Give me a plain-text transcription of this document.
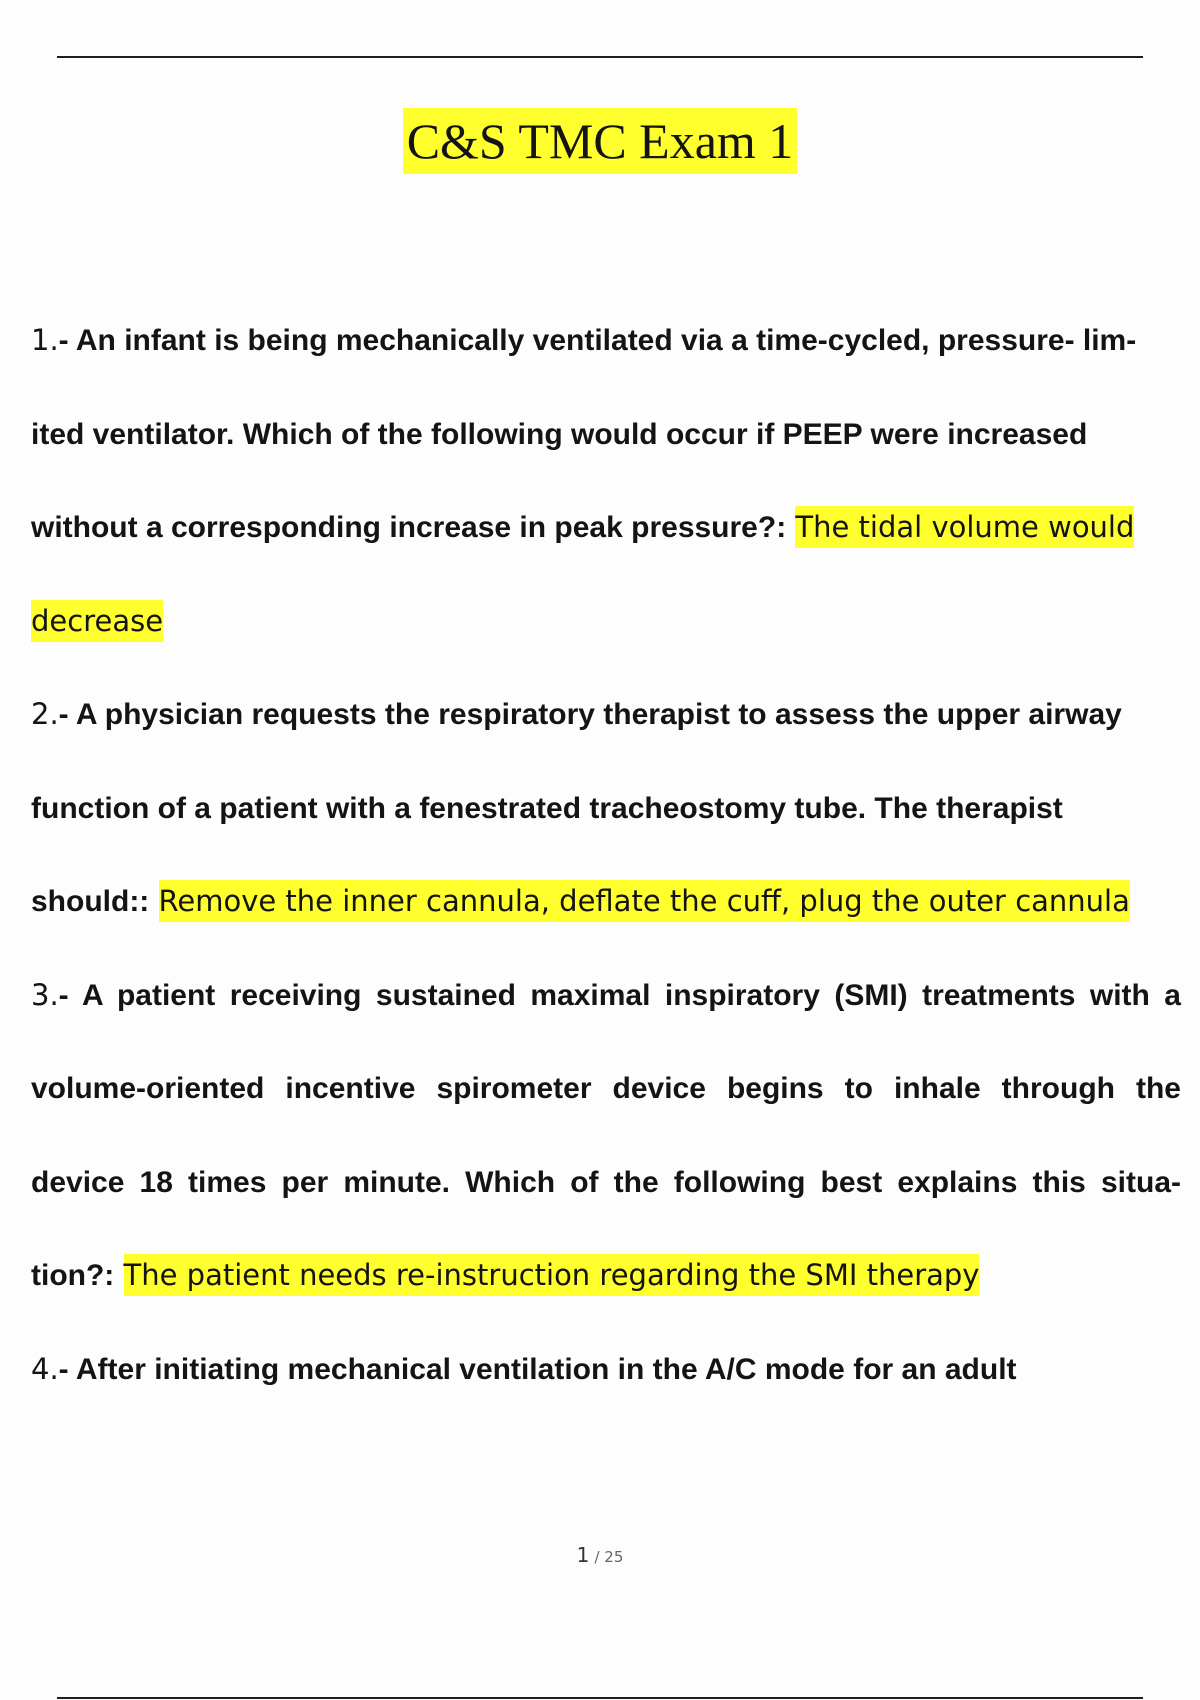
C&S TMC Exam 1

1.- An infant is being mechanically ventilated via a time-cycled, pressure- lim- ited ventilator. Which of the following would occur if PEEP were increased without a corresponding increase in peak pressure?: The tidal volume would decrease

2.- A physician requests the respiratory therapist to assess the upper airway function of a patient with a fenestrated tracheostomy tube. The therapist should:: Remove the inner cannula, deflate the cuff, plug the outer cannula

3.- A patient receiving sustained maximal inspiratory (SMI) treatments with a volume-oriented incentive spirometer device begins to inhale through the device 18 times per minute. Which of the following best explains this situa- tion?: The patient needs re-instruction regarding the SMI therapy

4.- After initiating mechanical ventilation in the A/C mode for an adult

1 / 25
